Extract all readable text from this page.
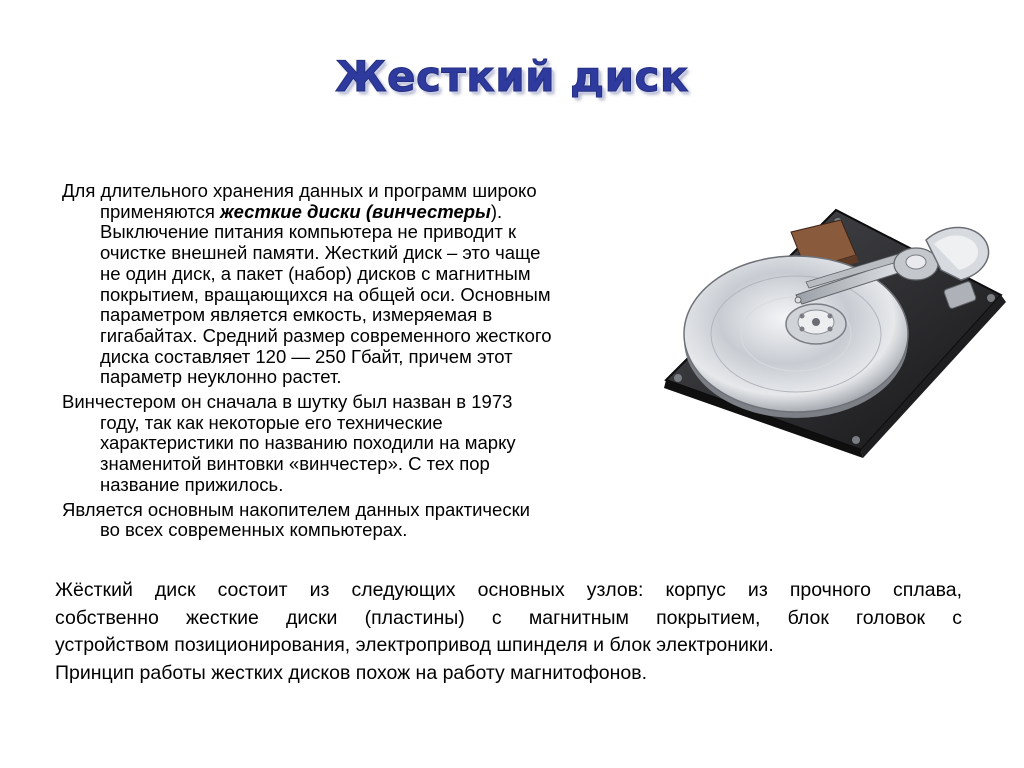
Жесткий диск
Для длительного хранения данных и программ широко
применяются жесткие диски (винчестеры).
Выключение питания компьютера не приводит к
очистке внешней памяти. Жесткий диск – это чаще
не один диск, а пакет (набор) дисков с магнитным
покрытием, вращающихся на общей оси. Основным
параметром является емкость, измеряемая в
гигабайтах. Средний размер современного жесткого
диска составляет 120 — 250 Гбайт, причем этот
параметр неуклонно растет.
Винчестером он сначала в шутку был назван в 1973
году, так как некоторые его технические
характеристики по названию походили на марку
знаменитой винтовки «винчестер». С тех пор
название прижилось.
Является основным накопителем данных практически
во всех современных компьютерах.

Жёсткий диск состоит из следующих основных узлов: корпус из прочного сплава,

собственно жесткие диски (пластины) с магнитным покрытием, блок головок с

устройством позиционирования, электропривод шпинделя и блок электроники.

Принцип работы жестких дисков похож на работу магнитофонов.
